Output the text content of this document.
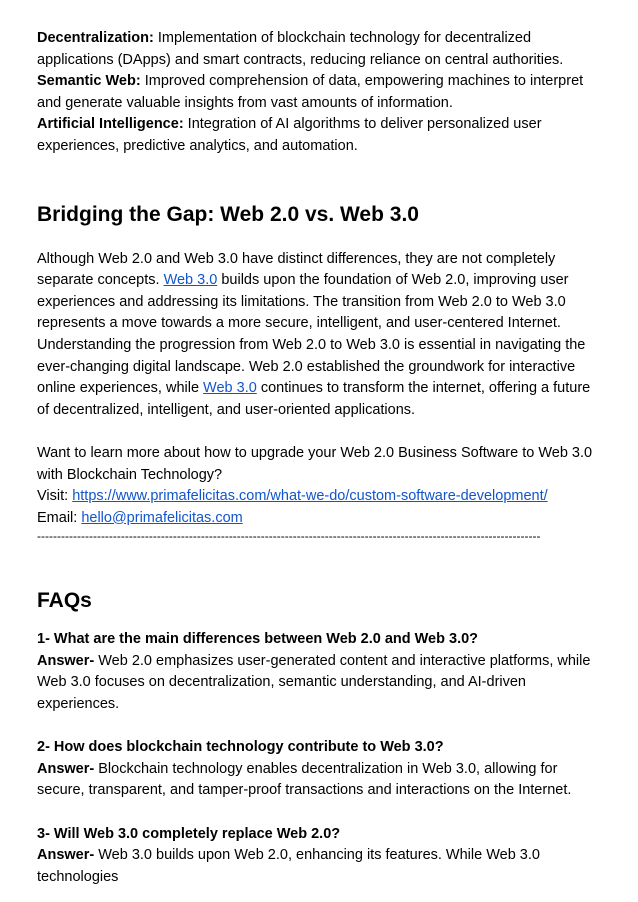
Decentralization: Implementation of blockchain technology for decentralized applications (DApps) and smart contracts, reducing reliance on central authorities.

Semantic Web: Improved comprehension of data, empowering machines to interpret and generate valuable insights from vast amounts of information.

Artificial Intelligence: Integration of AI algorithms to deliver personalized user experiences, predictive analytics, and automation.

Bridging the Gap: Web 2.0 vs. Web 3.0

Although Web 2.0 and Web 3.0 have distinct differences, they are not completely separate concepts. Web 3.0 builds upon the foundation of Web 2.0, improving user experiences and addressing its limitations. The transition from Web 2.0 to Web 3.0 represents a move towards a more secure, intelligent, and user-centered Internet.

Understanding the progression from Web 2.0 to Web 3.0 is essential in navigating the ever-changing digital landscape. Web 2.0 established the groundwork for interactive online experiences, while Web 3.0 continues to transform the internet, offering a future of decentralized, intelligent, and user-oriented applications.

Want to learn more about how to upgrade your Web 2.0 Business Software to Web 3.0 with Blockchain Technology?

Visit: https://www.primafelicitas.com/what-we-do/custom-software-development/

Email: hello@primafelicitas.com

------------------------------------------------------------------------------------------------------------------------------
FAQs

1- What are the main differences between Web 2.0 and Web 3.0?

Answer- Web 2.0 emphasizes user-generated content and interactive platforms, while Web 3.0 focuses on decentralization, semantic understanding, and AI-driven experiences.

2- How does blockchain technology contribute to Web 3.0?

Answer- Blockchain technology enables decentralization in Web 3.0, allowing for secure, transparent, and tamper-proof transactions and interactions on the Internet.

3- Will Web 3.0 completely replace Web 2.0?

Answer- Web 3.0 builds upon Web 2.0, enhancing its features. While Web 3.0 technologies
